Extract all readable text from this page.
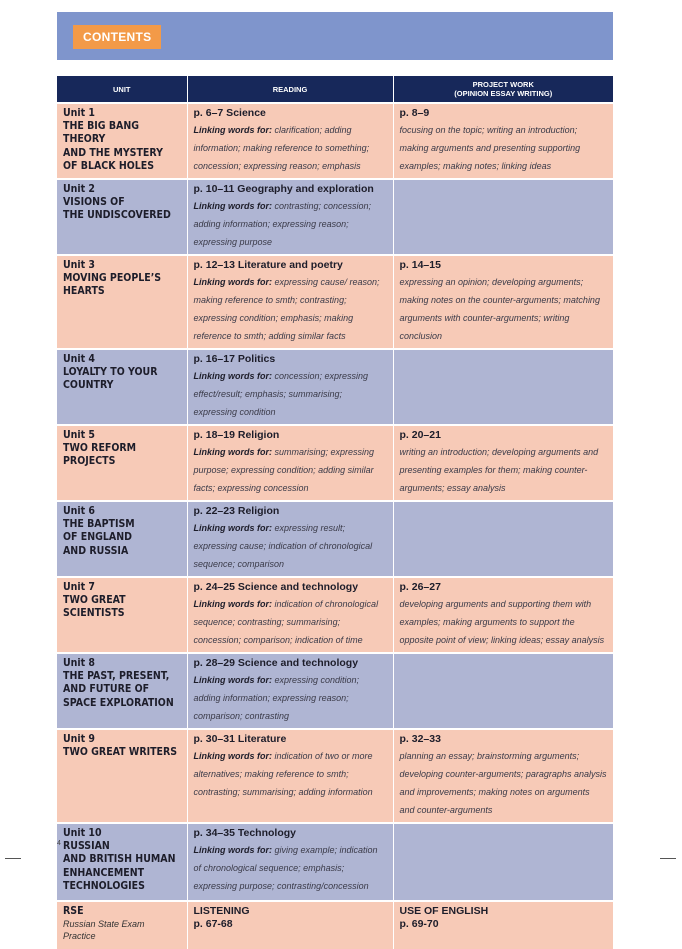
CONTENTS
UNIT	READING	PROJECT WORK
(OPINION ESSAY WRITING)

Unit 1
THE BIG BANG THEORY
AND THE MYSTERY
OF BLACK HOLES	p. 6–7 Science
Linking words for: clarification; adding information; making reference to something; concession; expressing reason; emphasis	p. 8–9
focusing on the topic; writing an introduction; making arguments and presenting supporting examples; making notes; linking ideas

Unit 2
VISIONS OF
THE UNDISCOVERED	p. 10–11 Geography and exploration
Linking words for: contrasting; concession; adding information; expressing reason; expressing purpose	

Unit 3
MOVING PEOPLE’S
HEARTS	p. 12–13 Literature and poetry
Linking words for: expressing cause/ reason; making reference to smth; contrasting; expressing condition; emphasis; making reference to smth; adding similar facts	p. 14–15
expressing an opinion; developing arguments; making notes on the counter-arguments; matching arguments with counter-arguments; writing conclusion

Unit 4
LOYALTY TO YOUR
COUNTRY	p. 16–17 Politics
Linking words for: concession; expressing effect/result; emphasis; summarising; expressing condition	

Unit 5
TWO REFORM
PROJECTS	p. 18–19 Religion
Linking words for: summarising; expressing purpose; expressing condition; adding similar facts; expressing concession	p. 20–21
writing an introduction; developing arguments and presenting examples for them; making counter-arguments; essay analysis

Unit 6
THE BAPTISM
OF ENGLAND
AND RUSSIA	p. 22–23 Religion
Linking words for: expressing result; expressing cause; indication of chronological sequence; comparison	

Unit 7
TWO GREAT
SCIENTISTS	p. 24–25 Science and technology
Linking words for: indication of chronological sequence; contrasting; summarising; concession; comparison; indication of time	p. 26–27
developing arguments and supporting them with examples; making arguments to support the opposite point of view; linking ideas; essay analysis

Unit 8
THE PAST, PRESENT,
AND FUTURE OF
SPACE EXPLORATION	p. 28–29 Science and technology
Linking words for: expressing condition; adding information; expressing reason; comparison; contrasting	

Unit 9
TWO GREAT WRITERS	p. 30–31 Literature
Linking words for: indication of two or more alternatives; making reference to smth; contrasting; summarising; adding information	p. 32–33
planning an essay; brainstorming arguments; developing counter-arguments; paragraphs analysis and improvements; making notes on arguments and counter-arguments

Unit 10
RUSSIAN
AND BRITISH HUMAN
ENHANCEMENT
TECHNOLOGIES	p. 34–35 Technology
Linking words for: giving example; indication of chronological sequence; emphasis; expressing purpose; contrasting/concession	

RSE
Russian State Exam
Practice	LISTENING
p. 67-68	USE OF ENGLISH
p. 69-70
4
